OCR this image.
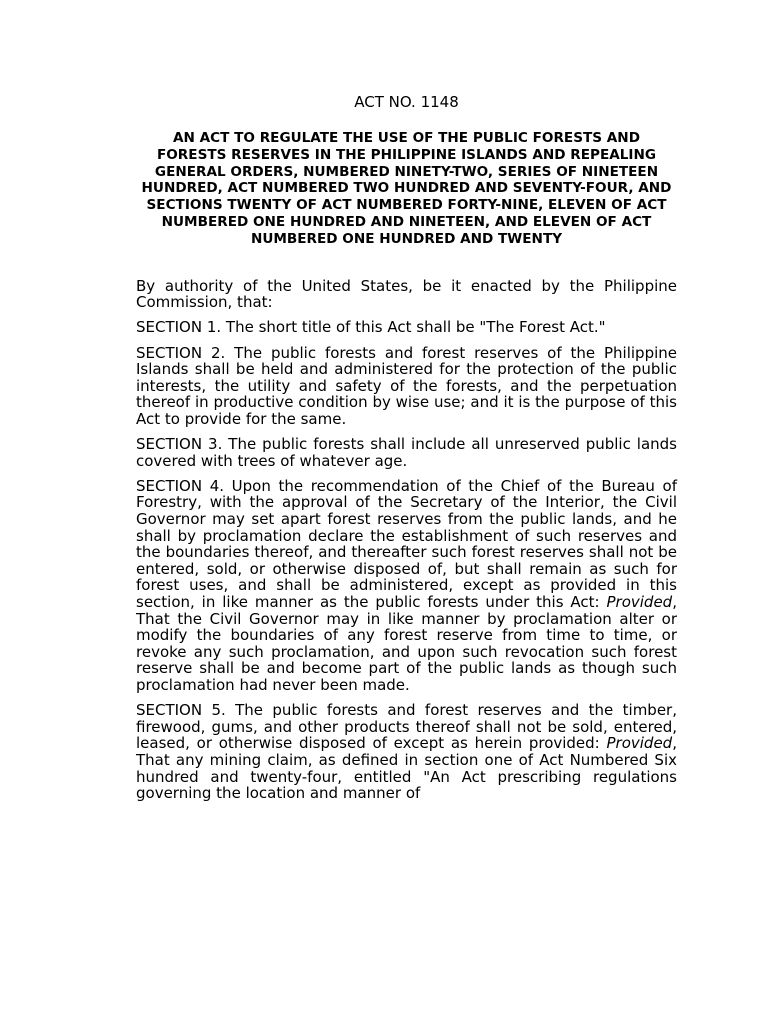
ACT NO. 1148
AN ACT TO REGULATE THE USE OF THE PUBLIC FORESTS AND FORESTS RESERVES IN THE PHILIPPINE ISLANDS AND REPEALING GENERAL ORDERS, NUMBERED NINETY-TWO, SERIES OF NINETEEN HUNDRED, ACT NUMBERED TWO HUNDRED AND SEVENTY-FOUR, AND SECTIONS TWENTY OF ACT NUMBERED FORTY-NINE, ELEVEN OF ACT NUMBERED ONE HUNDRED AND NINETEEN, AND ELEVEN OF ACT NUMBERED ONE HUNDRED AND TWENTY

By authority of the United States, be it enacted by the Philippine Commission, that:

SECTION 1. The short title of this Act shall be "The Forest Act."

SECTION 2. The public forests and forest reserves of the Philippine Islands shall be held and administered for the protection of the public interests, the utility and safety of the forests, and the perpetuation thereof in productive condition by wise use; and it is the purpose of this Act to provide for the same.

SECTION 3. The public forests shall include all unreserved public lands covered with trees of whatever age.

SECTION 4. Upon the recommendation of the Chief of the Bureau of Forestry, with the approval of the Secretary of the Interior, the Civil Governor may set apart forest reserves from the public lands, and he shall by proclamation declare the establishment of such reserves and the boundaries thereof, and thereafter such forest reserves shall not be entered, sold, or otherwise disposed of, but shall remain as such for forest uses, and shall be administered, except as provided in this section, in like manner as the public forests under this Act: Provided, That the Civil Governor may in like manner by proclamation alter or modify the boundaries of any forest reserve from time to time, or revoke any such proclamation, and upon such revocation such forest reserve shall be and become part of the public lands as though such proclamation had never been made.

SECTION 5. The public forests and forest reserves and the timber, firewood, gums, and other products thereof shall not be sold, entered, leased, or otherwise disposed of except as herein provided: Provided, That any mining claim, as defined in section one of Act Numbered Six hundred and twenty-four, entitled "An Act prescribing regulations governing the location and manner of
